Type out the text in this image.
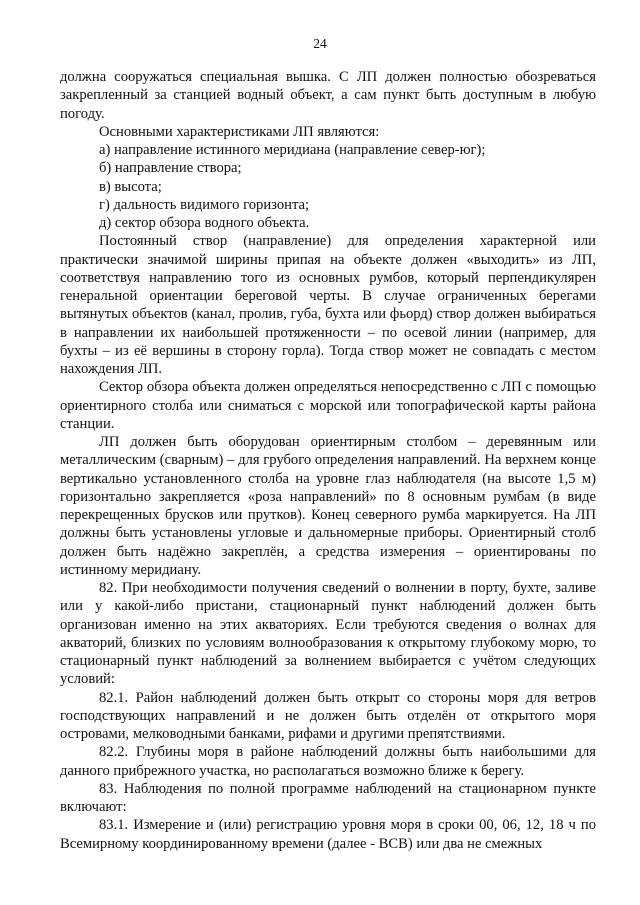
24

должна сооружаться специальная вышка. С ЛП должен полностью обозреваться закрепленный за станцией водный объект, а сам пункт быть доступным в любую погоду.

Основными характеристиками ЛП являются:

а) направление истинного меридиана (направление север-юг);

б) направление створа;

в) высота;

г) дальность видимого горизонта;

д) сектор обзора водного объекта.

Постоянный створ (направление) для определения характерной или практически значимой ширины припая на объекте должен «выходить» из ЛП, соответствуя направлению того из основных румбов, который перпендикулярен генеральной ориентации береговой черты. В случае ограниченных берегами вытянутых объектов (канал, пролив, губа, бухта или фьорд) створ должен выбираться в направлении их наибольшей протяженности – по осевой линии (например, для бухты – из её вершины в сторону горла). Тогда створ может не совпадать с местом нахождения ЛП.

Сектор обзора объекта должен определяться непосредственно с ЛП с помощью ориентирного столба или сниматься с морской или топографической карты района станции.

ЛП должен быть оборудован ориентирным столбом – деревянным или металлическим (сварным) – для грубого определения направлений. На верхнем конце вертикально установленного столба на уровне глаз наблюдателя (на высоте 1,5 м) горизонтально закрепляется «роза направлений» по 8 основным румбам (в виде перекрещенных брусков или прутков). Конец северного румба маркируется. На ЛП должны быть установлены угловые и дальномерные приборы. Ориентирный столб должен быть надёжно закреплён, а средства измерения – ориентированы по истинному меридиану.

82. При необходимости получения сведений о волнении в порту, бухте, заливе или у какой-либо пристани, стационарный пункт наблюдений должен быть организован именно на этих акваториях. Если требуются сведения о волнах для акваторий, близких по условиям волнообразования к открытому глубокому морю, то стационарный пункт наблюдений за волнением выбирается с учётом следующих условий:

82.1. Район наблюдений должен быть открыт со стороны моря для ветров господствующих направлений и не должен быть отделён от открытого моря островами, мелководными банками, рифами и другими препятствиями.

82.2. Глубины моря в районе наблюдений должны быть наибольшими для данного прибрежного участка, но располагаться возможно ближе к берегу.

83. Наблюдения по полной программе наблюдений на стационарном пункте включают:

83.1. Измерение и (или) регистрацию уровня моря в сроки 00, 06, 12, 18 ч по Всемирному координированному времени (далее - ВСВ) или два не смежных
